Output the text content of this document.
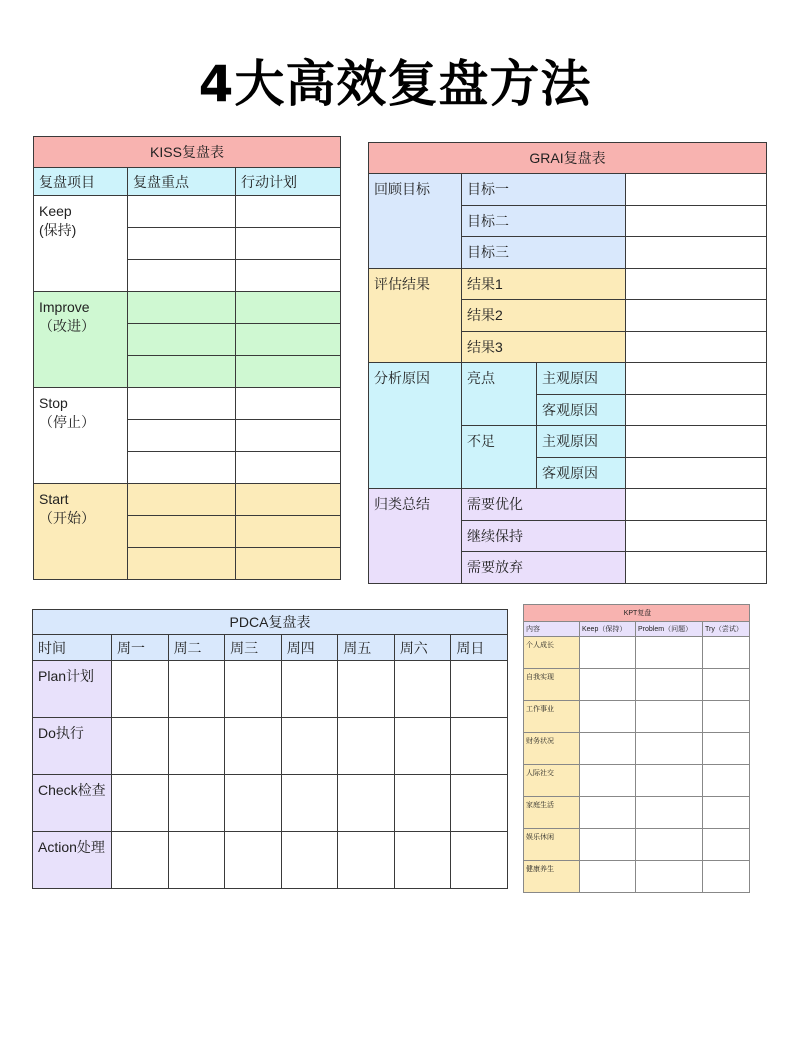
4大高效复盘方法
KISS复盘表		
复盘项目	复盘重点	行动计划

Keep
(保持)		

Improve
（改进）		

Stop
（停止）		

Start
（开始）		

GRAI复盘表			

回顾目标	目标一		
	目标二		
	目标三		

评估结果	结果1		
	结果2		
	结果3		

分析原因	亮点	主观原因	
		客观原因	

	不足	主观原因	
		客观原因	

归类总结	需要优化		
	继续保持		
	需要放弃		
PDCA复盘表							
时间	周一	周二	周三	周四	周五	周六	周日

Plan计划							

Do执行							

Check检查							

Action处理							

KPT复盘			
内容	Keep（保持）	Problem（问题）	Try（尝试）

个人成长			

自我实现			

工作事业			

财务状况			

人际社交			

家庭生活			

娱乐休闲			

健康养生			
